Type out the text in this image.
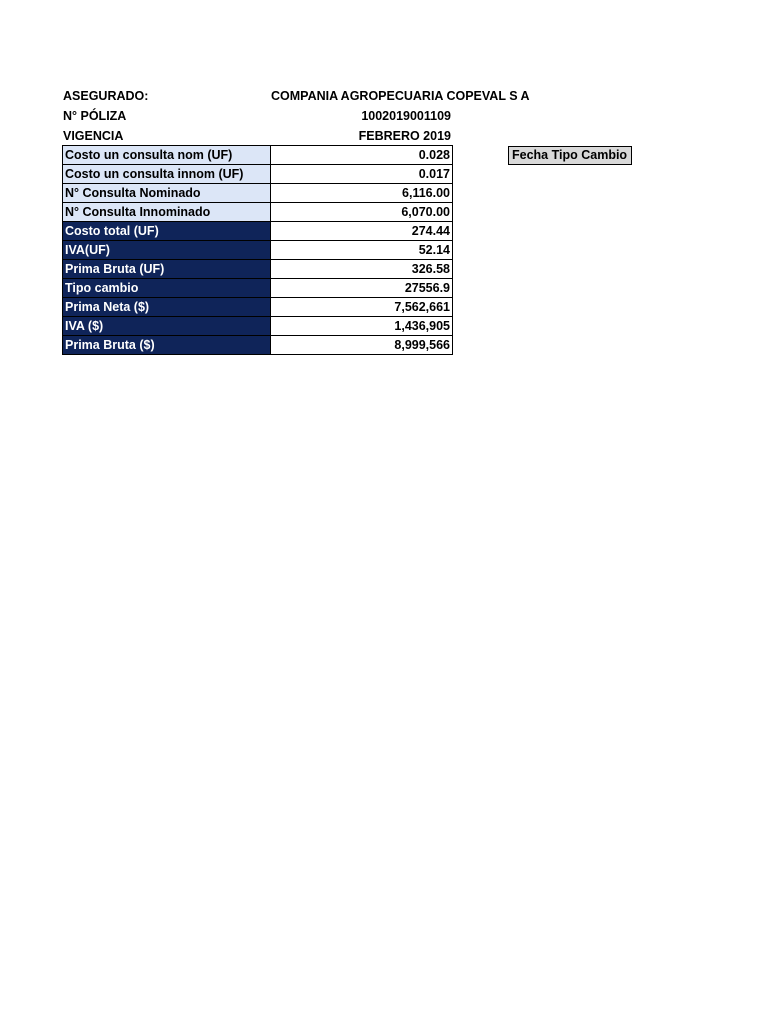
ASEGURADO:	COMPANIA AGROPECUARIA COPEVAL S A
N° PÓLIZA	1002019001109
VIGENCIA	FEBRERO 2019
Costo un consulta nom (UF)	0.028
Costo un consulta innom (UF)	0.017
N° Consulta Nominado	6,116.00
N° Consulta Innominado	6,070.00
Costo total (UF)	274.44
IVA(UF)	52.14
Prima Bruta (UF)	326.58
Tipo cambio	27556.9
Prima Neta ($)	7,562,661
IVA ($)	1,436,905
Prima Bruta ($)	8,999,566
Fecha Tipo Cambio
